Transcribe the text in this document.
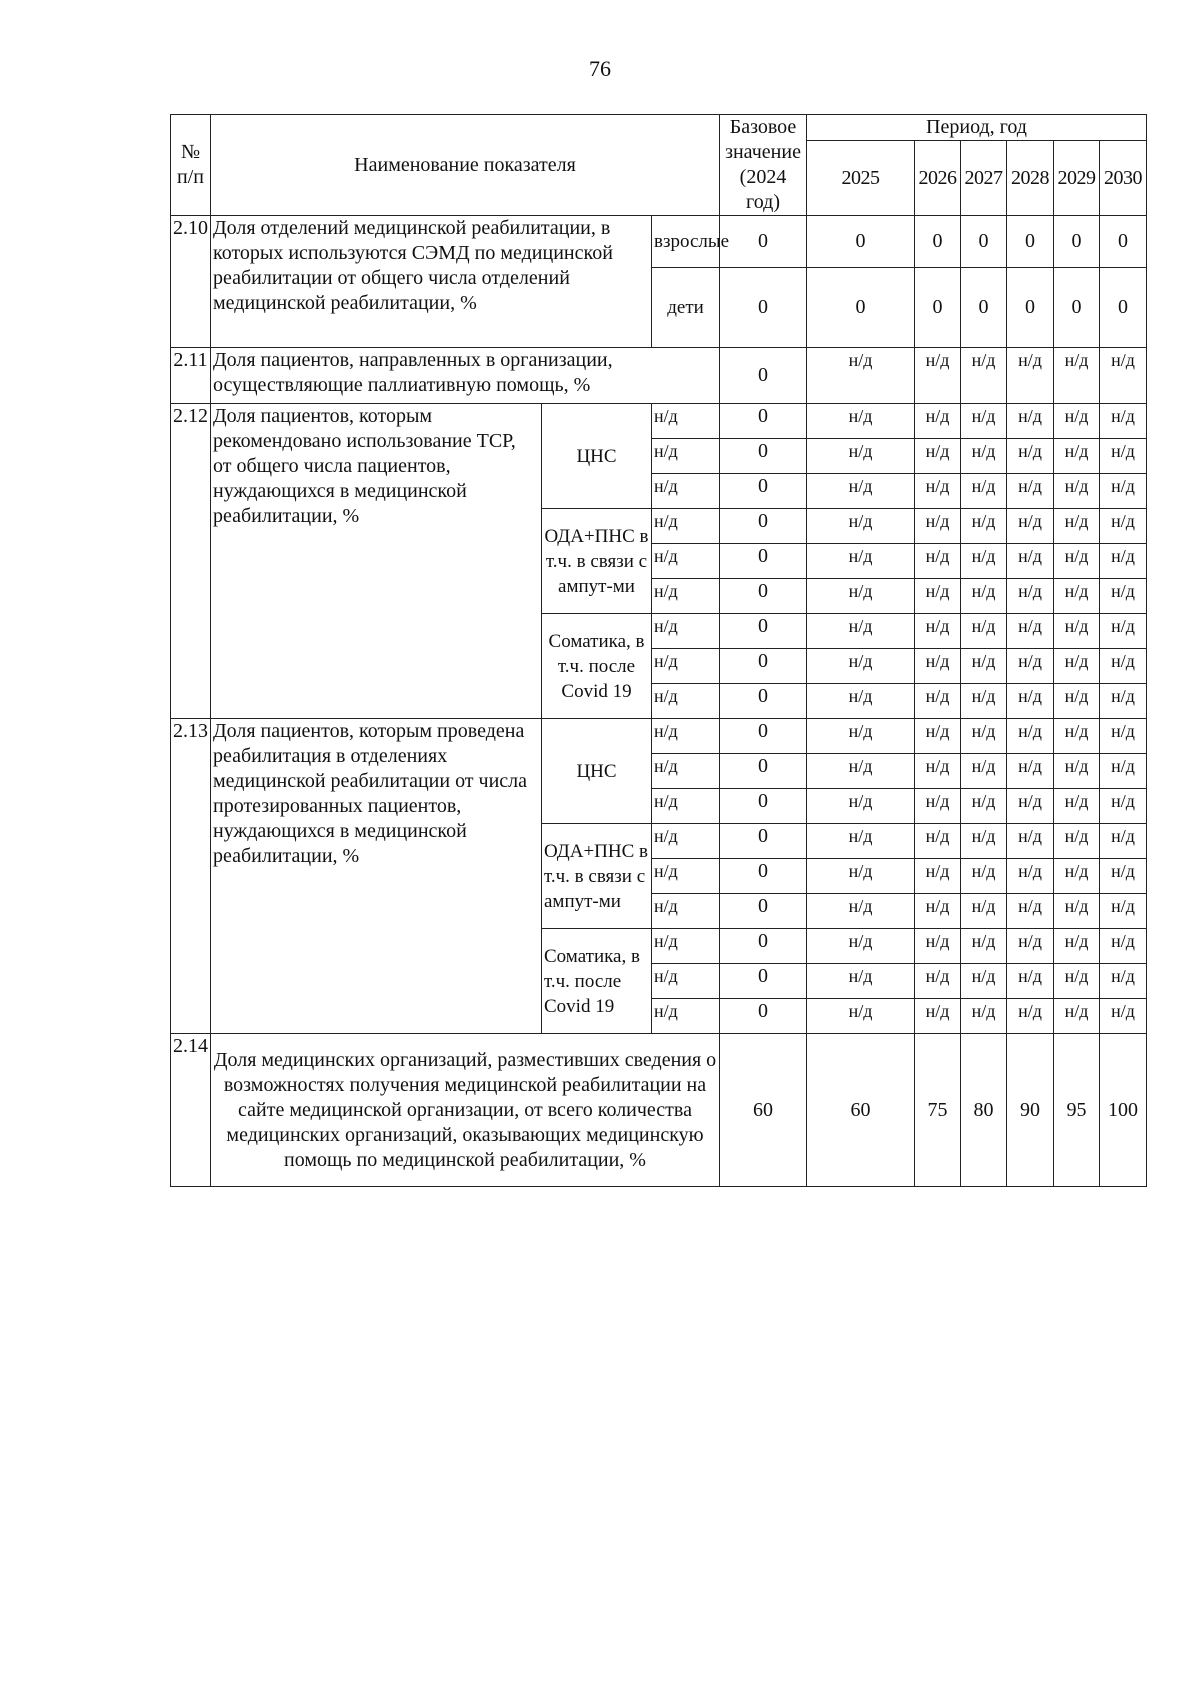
76
№ п/п	Наименование показателя			Базовое значение (2024 год)	Период, год					
					2025	2026	2027	2028	2029	2030
2.10	Доля отделений медицинской реабилитации, в которых используются СЭМД по медицинской реабилитации от общего числа отделений медицинской реабилитации, %		взрослые	0	0	0	0	0	0	0
			дети	0	0	0	0	0	0	0
2.11	Доля пациентов, направленных в организации, осуществляющие паллиативную помощь, %			0	н/д	н/д	н/д	н/д	н/д	н/д
2.12	Доля пациентов, которым рекомендовано использование ТСР, от общего числа пациентов, нуждающихся в медицинской реабилитации, %	ЦНС	н/д	0	н/д	н/д	н/д	н/д	н/д	н/д
			н/д	0	н/д	н/д	н/д	н/д	н/д	н/д
			н/д	0	н/д	н/д	н/д	н/д	н/д	н/д
		ОДА+ПНС в т.ч. в связи с ампут-ми	н/д	0	н/д	н/д	н/д	н/д	н/д	н/д
			н/д	0	н/д	н/д	н/д	н/д	н/д	н/д
			н/д	0	н/д	н/д	н/д	н/д	н/д	н/д
		Соматика, в т.ч. после Covid 19	н/д	0	н/д	н/д	н/д	н/д	н/д	н/д
			н/д	0	н/д	н/д	н/д	н/д	н/д	н/д
			н/д	0	н/д	н/д	н/д	н/д	н/д	н/д
2.13	Доля пациентов, которым проведена реабилитация в отделениях медицинской реабилитации от числа протезированных пациентов, нуждающихся в медицинской реабилитации, %	ЦНС	н/д	0	н/д	н/д	н/д	н/д	н/д	н/д
			н/д	0	н/д	н/д	н/д	н/д	н/д	н/д
			н/д	0	н/д	н/д	н/д	н/д	н/д	н/д
		ОДА+ПНС в т.ч. в связи с ампут-ми	н/д	0	н/д	н/д	н/д	н/д	н/д	н/д
			н/д	0	н/д	н/д	н/д	н/д	н/д	н/д
			н/д	0	н/д	н/д	н/д	н/д	н/д	н/д
		Соматика, в т.ч. после Covid 19	н/д	0	н/д	н/д	н/д	н/д	н/д	н/д
			н/д	0	н/д	н/д	н/д	н/д	н/д	н/д
			н/д	0	н/д	н/д	н/д	н/д	н/д	н/д
2.14	Доля медицинских организаций, разместивших сведения о возможностях получения медицинской реабилитации на сайте медицинской организации, от всего количества медицинских организаций, оказывающих медицинскую помощь по медицинской реабилитации, %			60	60	75	80	90	95	100
